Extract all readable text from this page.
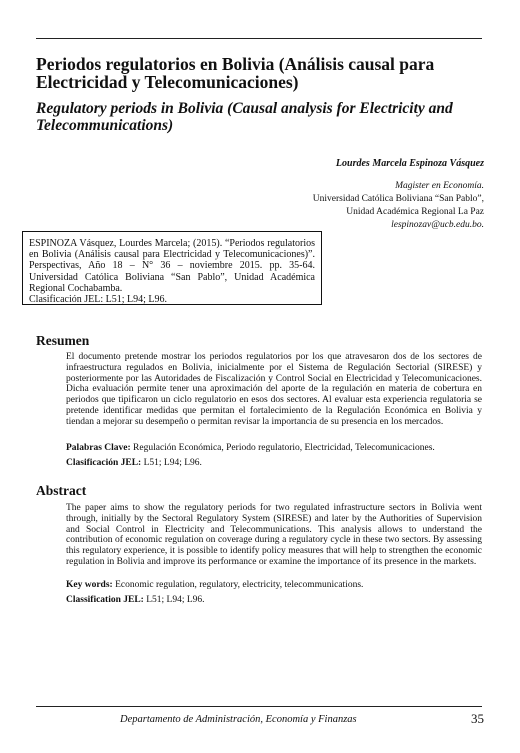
Periodos regulatorios en Bolivia (Análisis causal para Electricidad y Telecomunicaciones)
Regulatory periods in Bolivia (Causal analysis for Electricity and Telecommunications)
Lourdes Marcela Espinoza Vásquez
Magister en Economía.
Universidad Católica Boliviana “San Pablo”,
Unidad Académica Regional La Paz
lespinozav@ucb.edu.bo.
ESPINOZA Vásquez, Lourdes Marcela; (2015). “Periodos regulatorios en Bolivia (Análisis causal para Electricidad y Telecomunicaciones)”. Perspectivas, Año 18 – N° 36 – noviembre 2015. pp. 35-64. Universidad Católica Boliviana “San Pablo”, Unidad Académica Regional Cochabamba.
Clasificación JEL: L51; L94; L96.
Resumen

El documento pretende mostrar los periodos regulatorios por los que atravesaron dos de los sectores de infraestructura regulados en Bolivia, inicialmente por el Sistema de Regulación Sectorial (SIRESE) y posteriormente por las Autoridades de Fiscalización y Control Social en Electricidad y Telecomunicaciones. Dicha evaluación permite tener una aproximación del aporte de la regulación en materia de cobertura en periodos que tipificaron un ciclo regulatorio en esos dos sectores. Al evaluar esta experiencia regulatoria se pretende identificar medidas que permitan el fortalecimiento de la Regulación Económica en Bolivia y tiendan a mejorar su desempeño o permitan revisar la importancia de su presencia en los mercados.

Palabras Clave: Regulación Económica, Periodo regulatorio, Electricidad, Telecomunicaciones.

Clasificación JEL: L51; L94; L96.

Abstract

The paper aims to show the regulatory periods for two regulated infrastructure sectors in Bolivia went through, initially by the Sectoral Regulatory System (SIRESE) and later by the Authorities of Supervision and Social Control in Electricity and Telecommunications. This analysis allows to understand the contribution of economic regulation on coverage during a regulatory cycle in these two sectors. By assessing this regulatory experience, it is possible to identify policy measures that will help to strengthen the economic regulation in Bolivia and improve its performance or examine the importance of its presence in the markets.

Key words: Economic regulation, regulatory, electricity, telecommunications.

Classification JEL: L51; L94; L96.

Departamento de Administración, Economía y Finanzas	35
